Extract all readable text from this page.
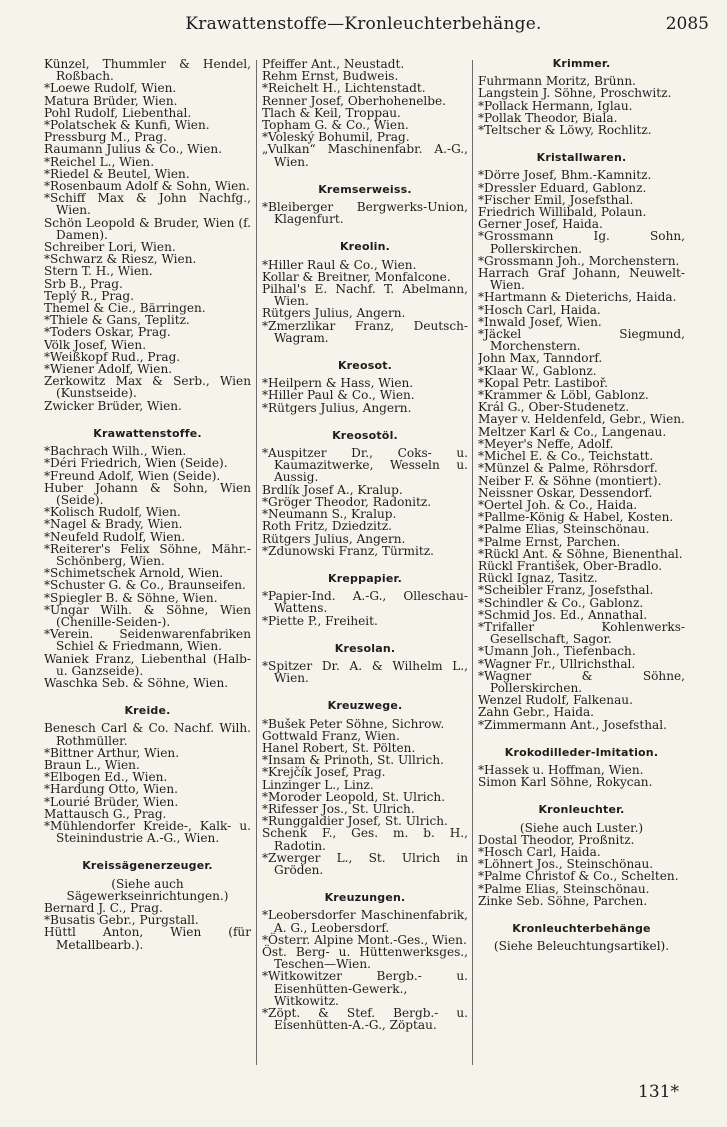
Krawattenstoffe—Kronleuchterbehänge.	2085
Künzel, Thummler & Hendel, Roßbach.
*Loewe Rudolf, Wien.
Matura Brüder, Wien.
Pohl Rudolf, Liebenthal.
*Polatschek & Kunfi, Wien.
Pressburg M., Prag.
Raumann Julius & Co., Wien.
*Reichel L., Wien.
*Riedel & Beutel, Wien.
*Rosenbaum Adolf & Sohn, Wien.
*Schiff Max & John Nachfg., Wien.
Schön Leopold & Bruder, Wien (f. Damen).
Schreiber Lori, Wien.
*Schwarz & Riesz, Wien.
Stern T. H., Wien.
Srb B., Prag.
Teplý R., Prag.
Themel & Cie., Bärringen.
*Thiele & Gans, Teplitz.
*Toders Oskar, Prag.
Völk Josef, Wien.
*Weißkopf Rud., Prag.
*Wiener Adolf, Wien.
Zerkowitz Max & Serb., Wien (Kunstseide).
Zwicker Brüder, Wien.
Krawattenstoffe.
*Bachrach Wilh., Wien.
*Déri Friedrich, Wien (Seide).
*Freund Adolf, Wien (Seide).
Huber Johann & Sohn, Wien (Seide).
*Kolisch Rudolf, Wien.
*Nagel & Brady, Wien.
*Neufeld Rudolf, Wien.
*Reiterer's Felix Söhne, Mähr.-Schönberg, Wien.
*Schimetschek Arnold, Wien.
*Schuster G. & Co., Braunseifen.
*Spiegler B. & Söhne, Wien.
*Ungar Wilh. & Söhne, Wien (Chenille-Seiden-).
*Verein. Seidenwarenfabriken Schiel & Friedmann, Wien.
Waniek Franz, Liebenthal (Halb- u. Ganzseide).
Waschka Seb. & Söhne, Wien.
Kreide.
Benesch Carl & Co. Nachf. Wilh. Rothmüller.
*Bittner Arthur, Wien.
Braun L., Wien.
*Elbogen Ed., Wien.
*Hardung Otto, Wien.
*Lourié Brüder, Wien.
Mattausch G., Prag.
*Mühlendorfer Kreide-, Kalk- u. Steinindustrie A.-G., Wien.
Kreissägenerzeuger.
(Siehe auch Sägewerkseinrichtungen.)
Bernard J. C., Prag.
*Busatis Gebr., Purgstall.
Hüttl Anton, Wien (für Metallbearb.).
Pfeiffer Ant., Neustadt.
Rehm Ernst, Budweis.
*Reichelt H., Lichtenstadt.
Renner Josef, Oberhohenelbe.
Tlach & Keil, Troppau.
Topham G. & Co., Wien.
*Voleský Bohumil, Prag.
„Vulkan“ Maschinenfabr. A.-G., Wien.
Kremserweiss.
*Bleiberger Bergwerks-Union, Klagenfurt.
Kreolin.
*Hiller Raul & Co., Wien.
Kollar & Breitner, Monfalcone.
Pilhal's E. Nachf. T. Abelmann, Wien.
Rütgers Julius, Angern.
*Zmerzlikar Franz, Deutsch-Wagram.
Kreosot.
*Heilpern & Hass, Wien.
*Hiller Paul & Co., Wien.
*Rütgers Julius, Angern.
Kreosotöl.
*Auspitzer Dr., Coks- u. Kaumazitwerke, Wesseln u. Aussig.
Brdlík Josef A., Kralup.
*Gröger Theodor, Radonitz.
*Neumann S., Kralup.
Roth Fritz, Dziedzitz.
Rütgers Julius, Angern.
*Zdunowski Franz, Türmitz.
Kreppapier.
*Papier-Ind. A.-G., Olleschau-Wattens.
*Piette P., Freiheit.
Kresolan.
*Spitzer Dr. A. & Wilhelm L., Wien.
Kreuzwege.
*Bušek Peter Söhne, Sichrow.
Gottwald Franz, Wien.
Hanel Robert, St. Pölten.
*Insam & Prinoth, St. Ullrich.
*Krejčík Josef, Prag.
Linzinger L., Linz.
*Moroder Leopold, St. Ulrich.
*Rifesser Jos., St. Ulrich.
*Runggaldier Josef, St. Ulrich.
Schenk F., Ges. m. b. H., Radotin.
*Zwerger L., St. Ulrich in Gröden.
Kreuzungen.
*Leobersdorfer Maschinenfabrik, A. G., Leobersdorf.
*Österr. Alpine Mont.-Ges., Wien.
Öst. Berg- u. Hüttenwerksges., Teschen—Wien.
*Witkowitzer Bergb.- u. Eisenhütten-Gewerk., Witkowitz.
*Zöpt. & Stef. Bergb.- u. Eisenhütten-A.-G., Zöptau.
Krimmer.
Fuhrmann Moritz, Brünn.
Langstein J. Söhne, Proschwitz.
*Pollack Hermann, Iglau.
*Pollak Theodor, Biala.
*Teltscher & Löwy, Rochlitz.
Kristallwaren.
*Dörre Josef, Bhm.-Kamnitz.
*Dressler Eduard, Gablonz.
*Fischer Emil, Josefsthal.
Friedrich Willibald, Polaun.
Gerner Josef, Haida.
*Grossmann Ig. Sohn, Pollerskirchen.
*Grossmann Joh., Morchenstern.
Harrach Graf Johann, Neuwelt-Wien.
*Hartmann & Dieterichs, Haida.
*Hosch Carl, Haida.
*Inwald Josef, Wien.
*Jäckel Siegmund, Morchenstern.
John Max, Tanndorf.
*Klaar W., Gablonz.
*Kopal Petr. Lastiboř.
*Krammer & Löbl, Gablonz.
Král G., Ober-Studenetz.
Mayer v. Heldenfeld, Gebr., Wien.
Meltzer Karl & Co., Langenau.
*Meyer's Neffe, Adolf.
*Michel E. & Co., Teichstatt.
*Münzel & Palme, Röhrsdorf.
Neiber F. & Söhne (montiert).
Neissner Oskar, Dessendorf.
*Oertel Joh. & Co., Haida.
*Pallme-König & Habel, Kosten.
*Palme Elias, Steinschönau.
*Palme Ernst, Parchen.
*Rückl Ant. & Söhne, Bienenthal.
Rückl František, Ober-Bradlo.
Rückl Ignaz, Tasitz.
*Scheibler Franz, Josefsthal.
*Schindler & Co., Gablonz.
*Schmid Jos. Ed., Annathal.
*Trifaller Kohlenwerks-Gesellschaft, Sagor.
*Umann Joh., Tiefenbach.
*Wagner Fr., Ullrichsthal.
*Wagner & Söhne, Pollerskirchen.
Wenzel Rudolf, Falkenau.
Zahn Gebr., Haida.
*Zimmermann Ant., Josefsthal.
Krokodilleder-Imitation.
*Hassek u. Hoffman, Wien.
Simon Karl Söhne, Rokycan.
Kronleuchter.
(Siehe auch Luster.)
Dostal Theodor, Proßnitz.
*Hosch Carl, Haida.
*Löhnert Jos., Steinschönau.
*Palme Christof & Co., Schelten.
*Palme Elias, Steinschönau.
Zinke Seb. Söhne, Parchen.
Kronleuchterbehänge
(Siehe Beleuchtungsartikel).
131*
